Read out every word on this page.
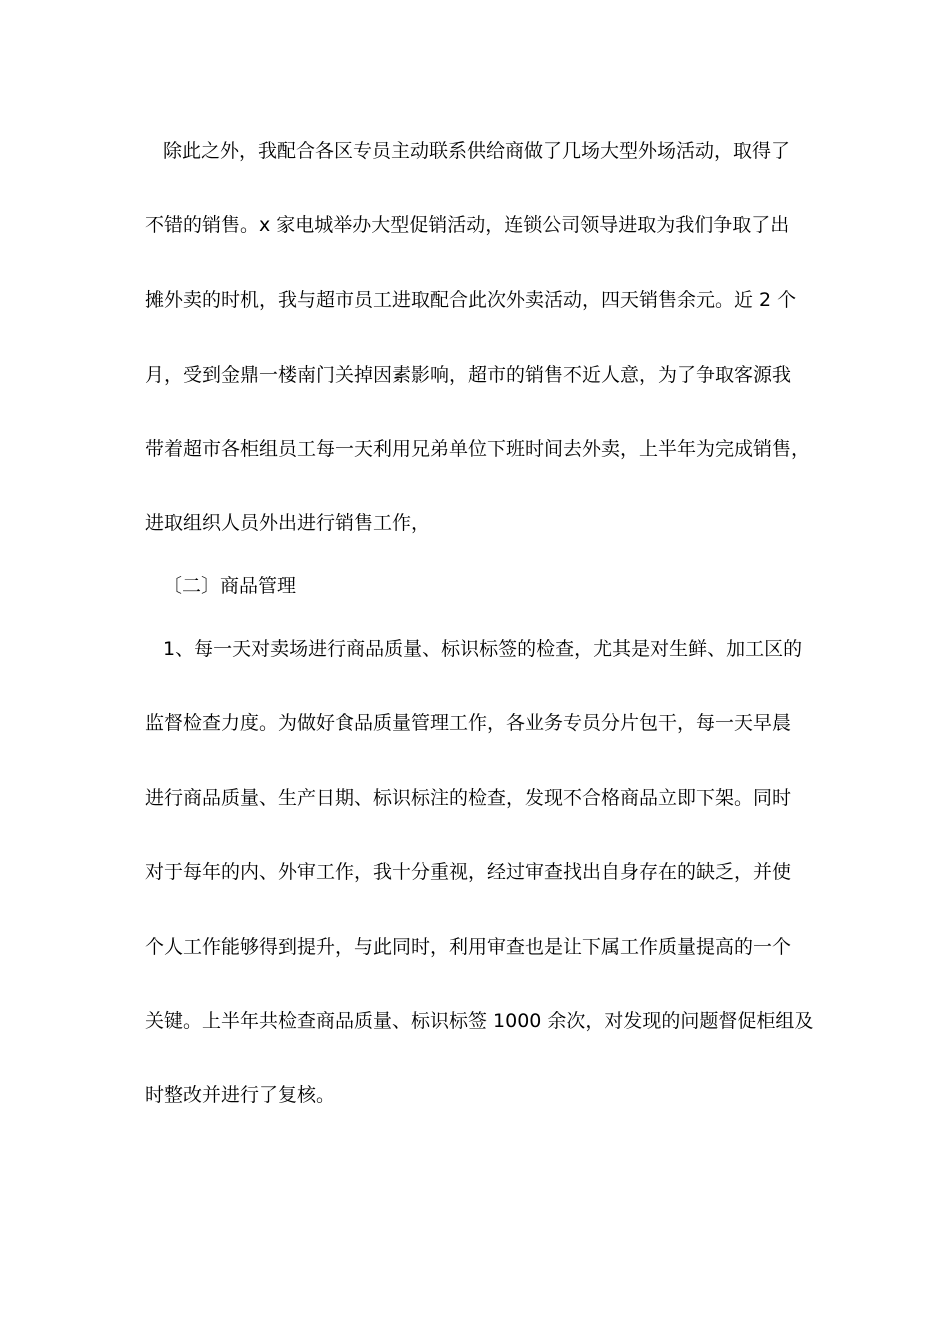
除此之外，我配合各区专员主动联系供给商做了几场大型外场活动，取得了
不错的销售。x 家电城举办大型促销活动，连锁公司领导进取为我们争取了出
摊外卖的时机，我与超市员工进取配合此次外卖活动，四天销售余元。近 2 个
月，受到金鼎一楼南门关掉因素影响，超市的销售不近人意，为了争取客源我
带着超市各柜组员工每一天利用兄弟单位下班时间去外卖，上半年为完成销售，
进取组织人员外出进行销售工作，
〔二〕商品管理
1、每一天对卖场进行商品质量、标识标签的检查，尤其是对生鲜、加工区的
监督检查力度。为做好食品质量管理工作，各业务专员分片包干，每一天早晨
进行商品质量、生产日期、标识标注的检查，发现不合格商品立即下架。同时
对于每年的内、外审工作，我十分重视，经过审查找出自身存在的缺乏，并使
个人工作能够得到提升，与此同时，利用审查也是让下属工作质量提高的一个
关键。上半年共检查商品质量、标识标签 1000 余次，对发现的问题督促柜组及
时整改并进行了复核。
